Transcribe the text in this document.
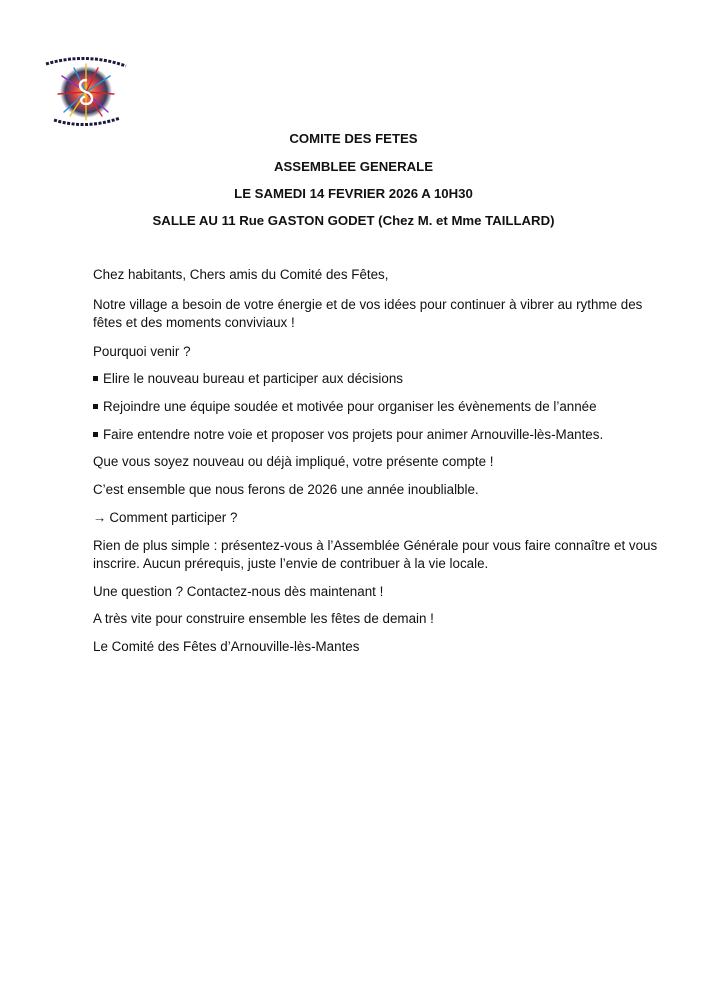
COMITE DES FETES
ASSEMBLEE GENERALE
LE SAMEDI 14 FEVRIER 2026 A 10H30
SALLE AU 11 Rue GASTON GODET (Chez M. et Mme TAILLARD)
Chez habitants, Chers amis du Comité des Fêtes,
Notre village a besoin de votre énergie et de vos idées pour continuer à vibrer au rythme des fêtes et des moments conviviaux !
Pourquoi venir ?
Elire le nouveau bureau et participer aux décisions
Rejoindre une équipe soudée et motivée pour organiser les évènements de l’année
Faire entendre notre voie et proposer vos projets pour animer Arnouville-lès-Mantes.
Que vous soyez nouveau ou déjà impliqué, votre présente compte !
C’est ensemble que nous ferons de 2026 une année inoublialble.
→ Comment participer ?
Rien de plus simple : présentez-vous à l’Assemblée Générale pour vous faire connaître et vous inscrire. Aucun prérequis, juste l’envie de contribuer à la vie locale.
Une question ? Contactez-nous dès maintenant !
A très vite pour construire ensemble les fêtes de demain !
Le Comité des Fêtes d’Arnouville-lès-Mantes
